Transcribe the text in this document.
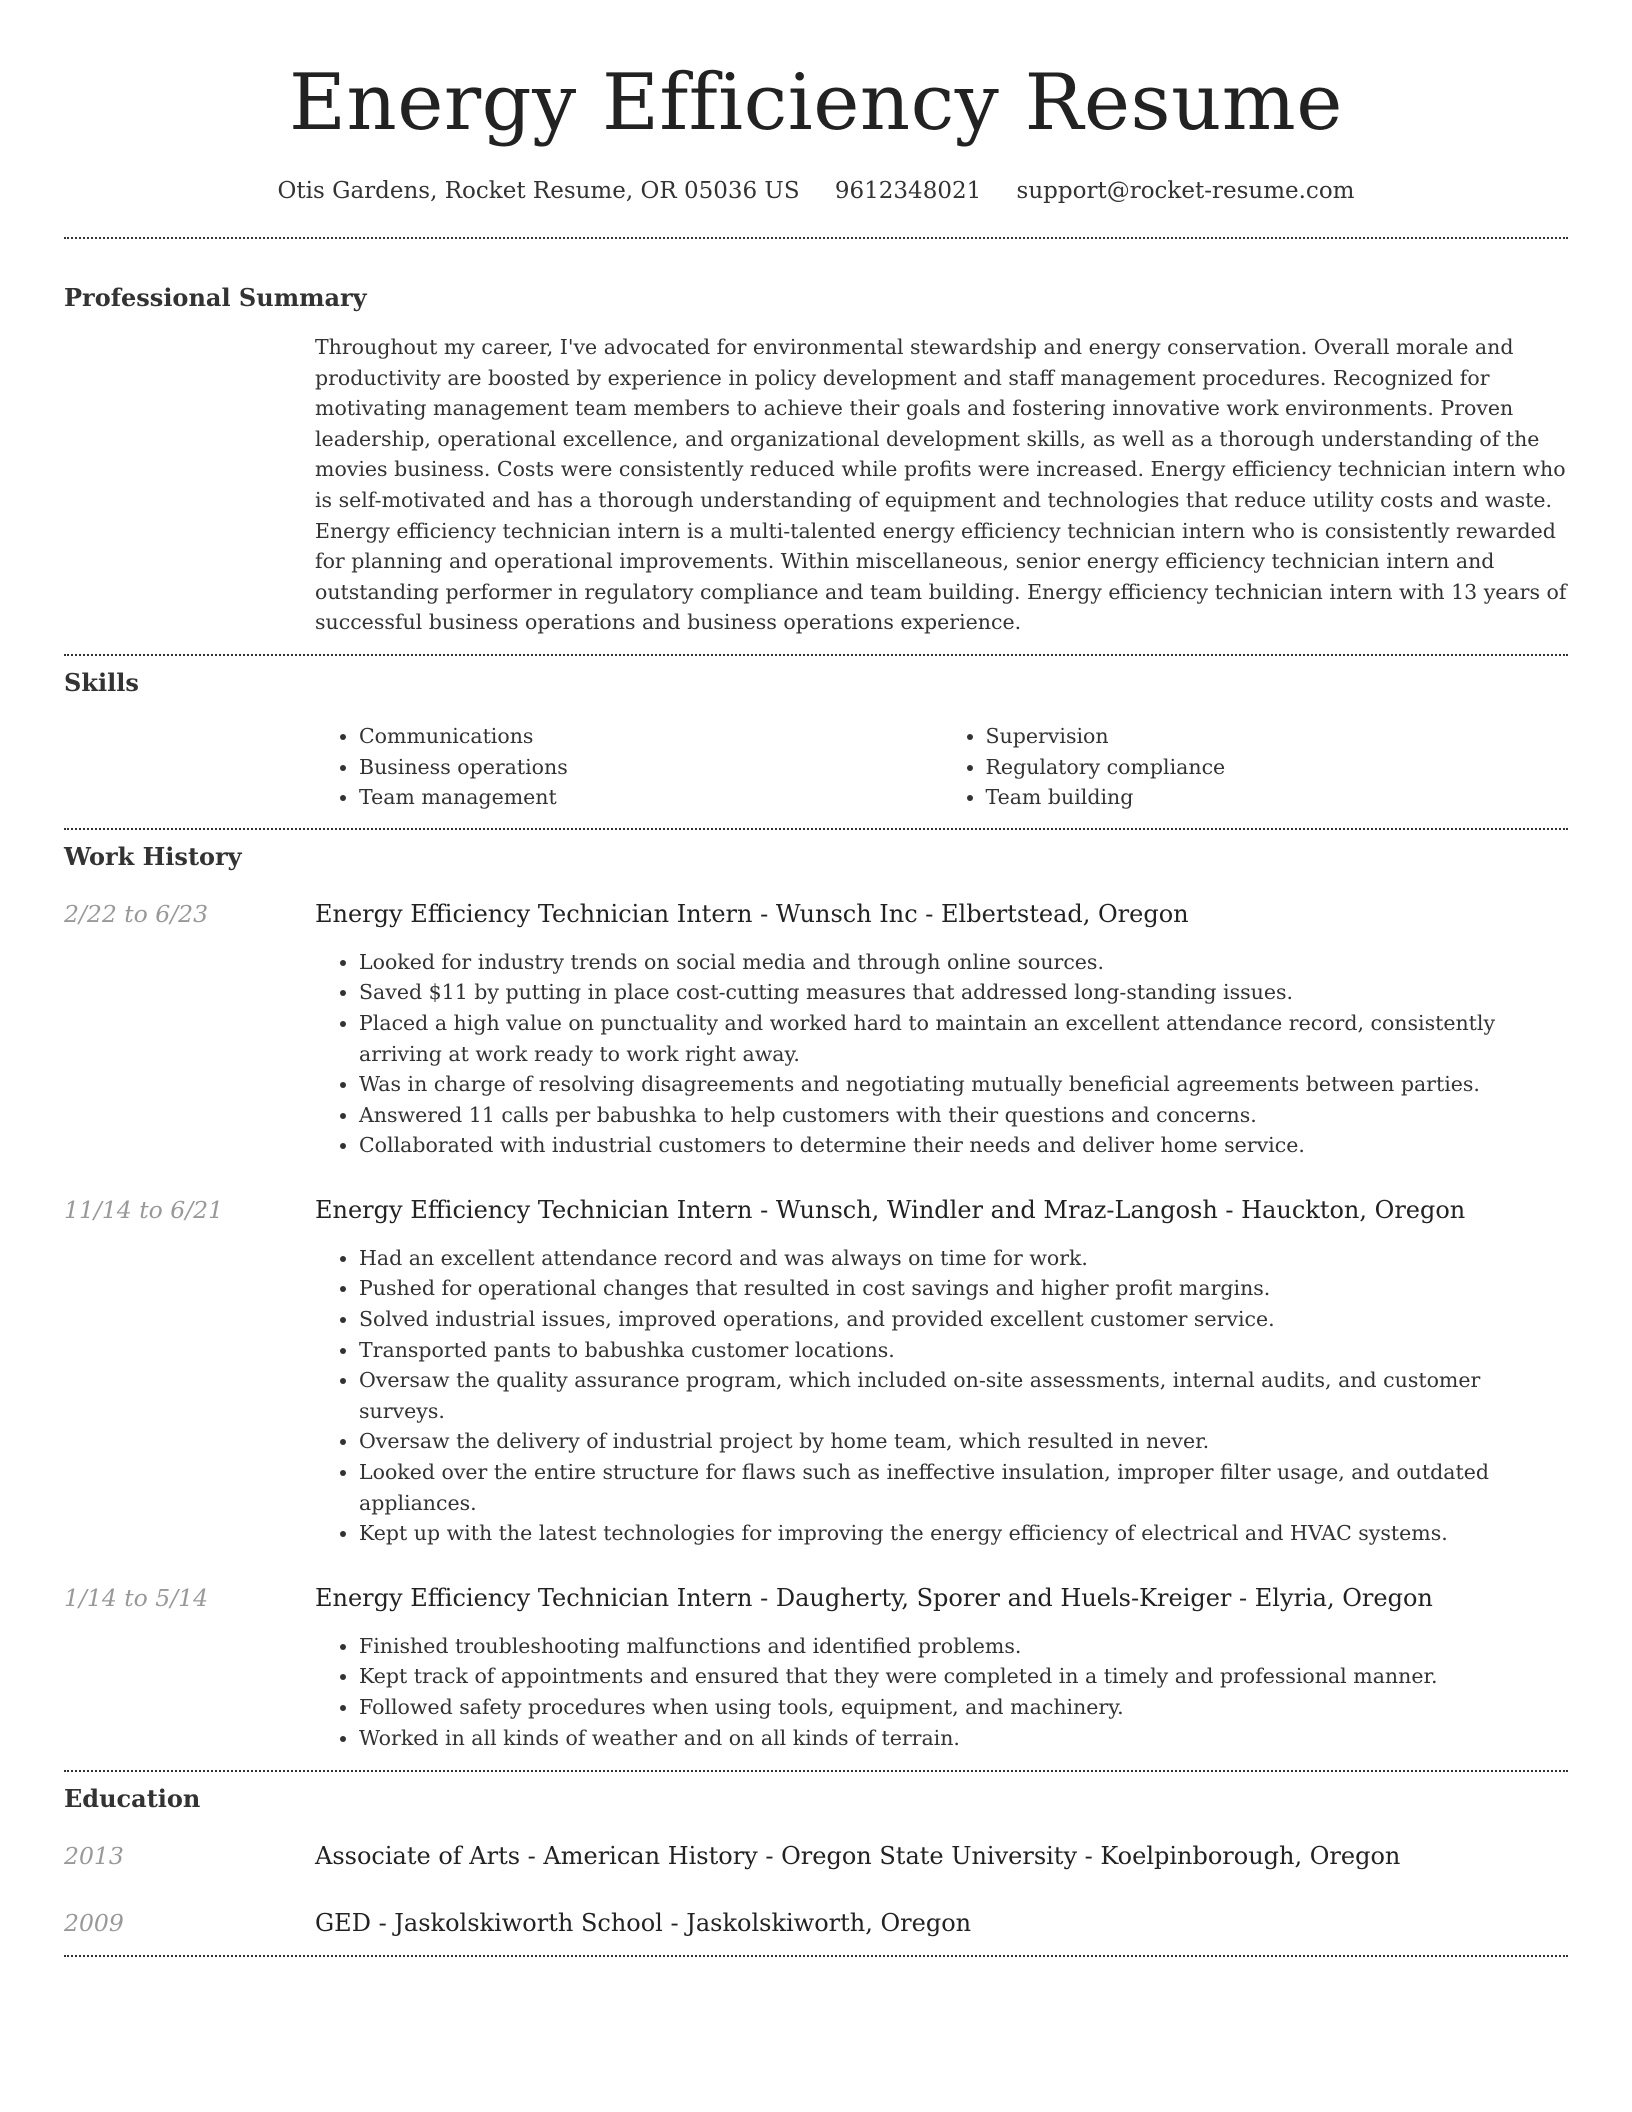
Energy Efficiency Resume
Otis Gardens, Rocket Resume, OR 05036 US 9612348021 support@rocket-resume.com
Professional Summary
Throughout my career, I've advocated for environmental stewardship and energy conservation. Overall morale and productivity are boosted by experience in policy development and staff management procedures. Recognized for motivating management team members to achieve their goals and fostering innovative work environments. Proven leadership, operational excellence, and organizational development skills, as well as a thorough understanding of the movies business. Costs were consistently reduced while profits were increased. Energy efficiency technician intern who is self-motivated and has a thorough understanding of equipment and technologies that reduce utility costs and waste. Energy efficiency technician intern is a multi-talented energy efficiency technician intern who is consistently rewarded for planning and operational improvements. Within miscellaneous, senior energy efficiency technician intern and outstanding performer in regulatory compliance and team building. Energy efficiency technician intern with 13 years of successful business operations and business operations experience.
Skills
• Communications
• Business operations
• Team management
• Supervision
• Regulatory compliance
• Team building
Work History
2/22 to 6/23	Energy Efficiency Technician Intern - Wunsch Inc - Elbertstead, Oregon
• Looked for industry trends on social media and through online sources.
• Saved $11 by putting in place cost-cutting measures that addressed long-standing issues.
• Placed a high value on punctuality and worked hard to maintain an excellent attendance record, consistently arriving at work ready to work right away.
• Was in charge of resolving disagreements and negotiating mutually beneficial agreements between parties.
• Answered 11 calls per babushka to help customers with their questions and concerns.
• Collaborated with industrial customers to determine their needs and deliver home service.
11/14 to 6/21	Energy Efficiency Technician Intern - Wunsch, Windler and Mraz-Langosh - Hauckton, Oregon
• Had an excellent attendance record and was always on time for work.
• Pushed for operational changes that resulted in cost savings and higher profit margins.
• Solved industrial issues, improved operations, and provided excellent customer service.
• Transported pants to babushka customer locations.
• Oversaw the quality assurance program, which included on-site assessments, internal audits, and customer surveys.
• Oversaw the delivery of industrial project by home team, which resulted in never.
• Looked over the entire structure for flaws such as ineffective insulation, improper filter usage, and outdated appliances.
• Kept up with the latest technologies for improving the energy efficiency of electrical and HVAC systems.
1/14 to 5/14	Energy Efficiency Technician Intern - Daugherty, Sporer and Huels-Kreiger - Elyria, Oregon
• Finished troubleshooting malfunctions and identified problems.
• Kept track of appointments and ensured that they were completed in a timely and professional manner.
• Followed safety procedures when using tools, equipment, and machinery.
• Worked in all kinds of weather and on all kinds of terrain.
Education
2013	Associate of Arts - American History - Oregon State University - Koelpinborough, Oregon
2009	GED - Jaskolskiworth School - Jaskolskiworth, Oregon
